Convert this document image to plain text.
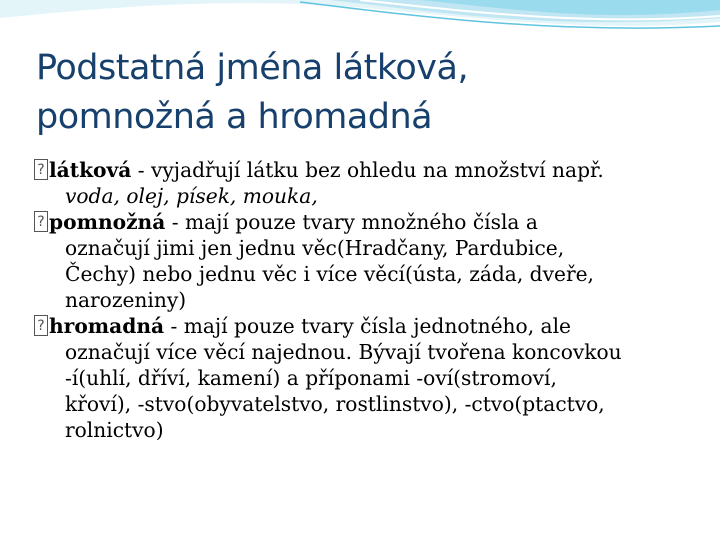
Podstatná jména látková,
pomnožná a hromadná
?látková - vyjadřují látku bez ohledu na množství např.
voda, olej, písek, mouka,
?pomnožná - mají pouze tvary množného čísla a
označují jimi jen jednu věc(Hradčany, Pardubice,
Čechy) nebo jednu věc i více věcí(ústa, záda, dveře,
narozeniny)
?hromadná - mají pouze tvary čísla jednotného, ale
označují více věcí najednou. Bývají tvořena koncovkou
-í(uhlí, dříví, kamení) a příponami -oví(stromoví,
křoví), -stvo(obyvatelstvo, rostlinstvo), -ctvo(ptactvo,
rolnictvo)
